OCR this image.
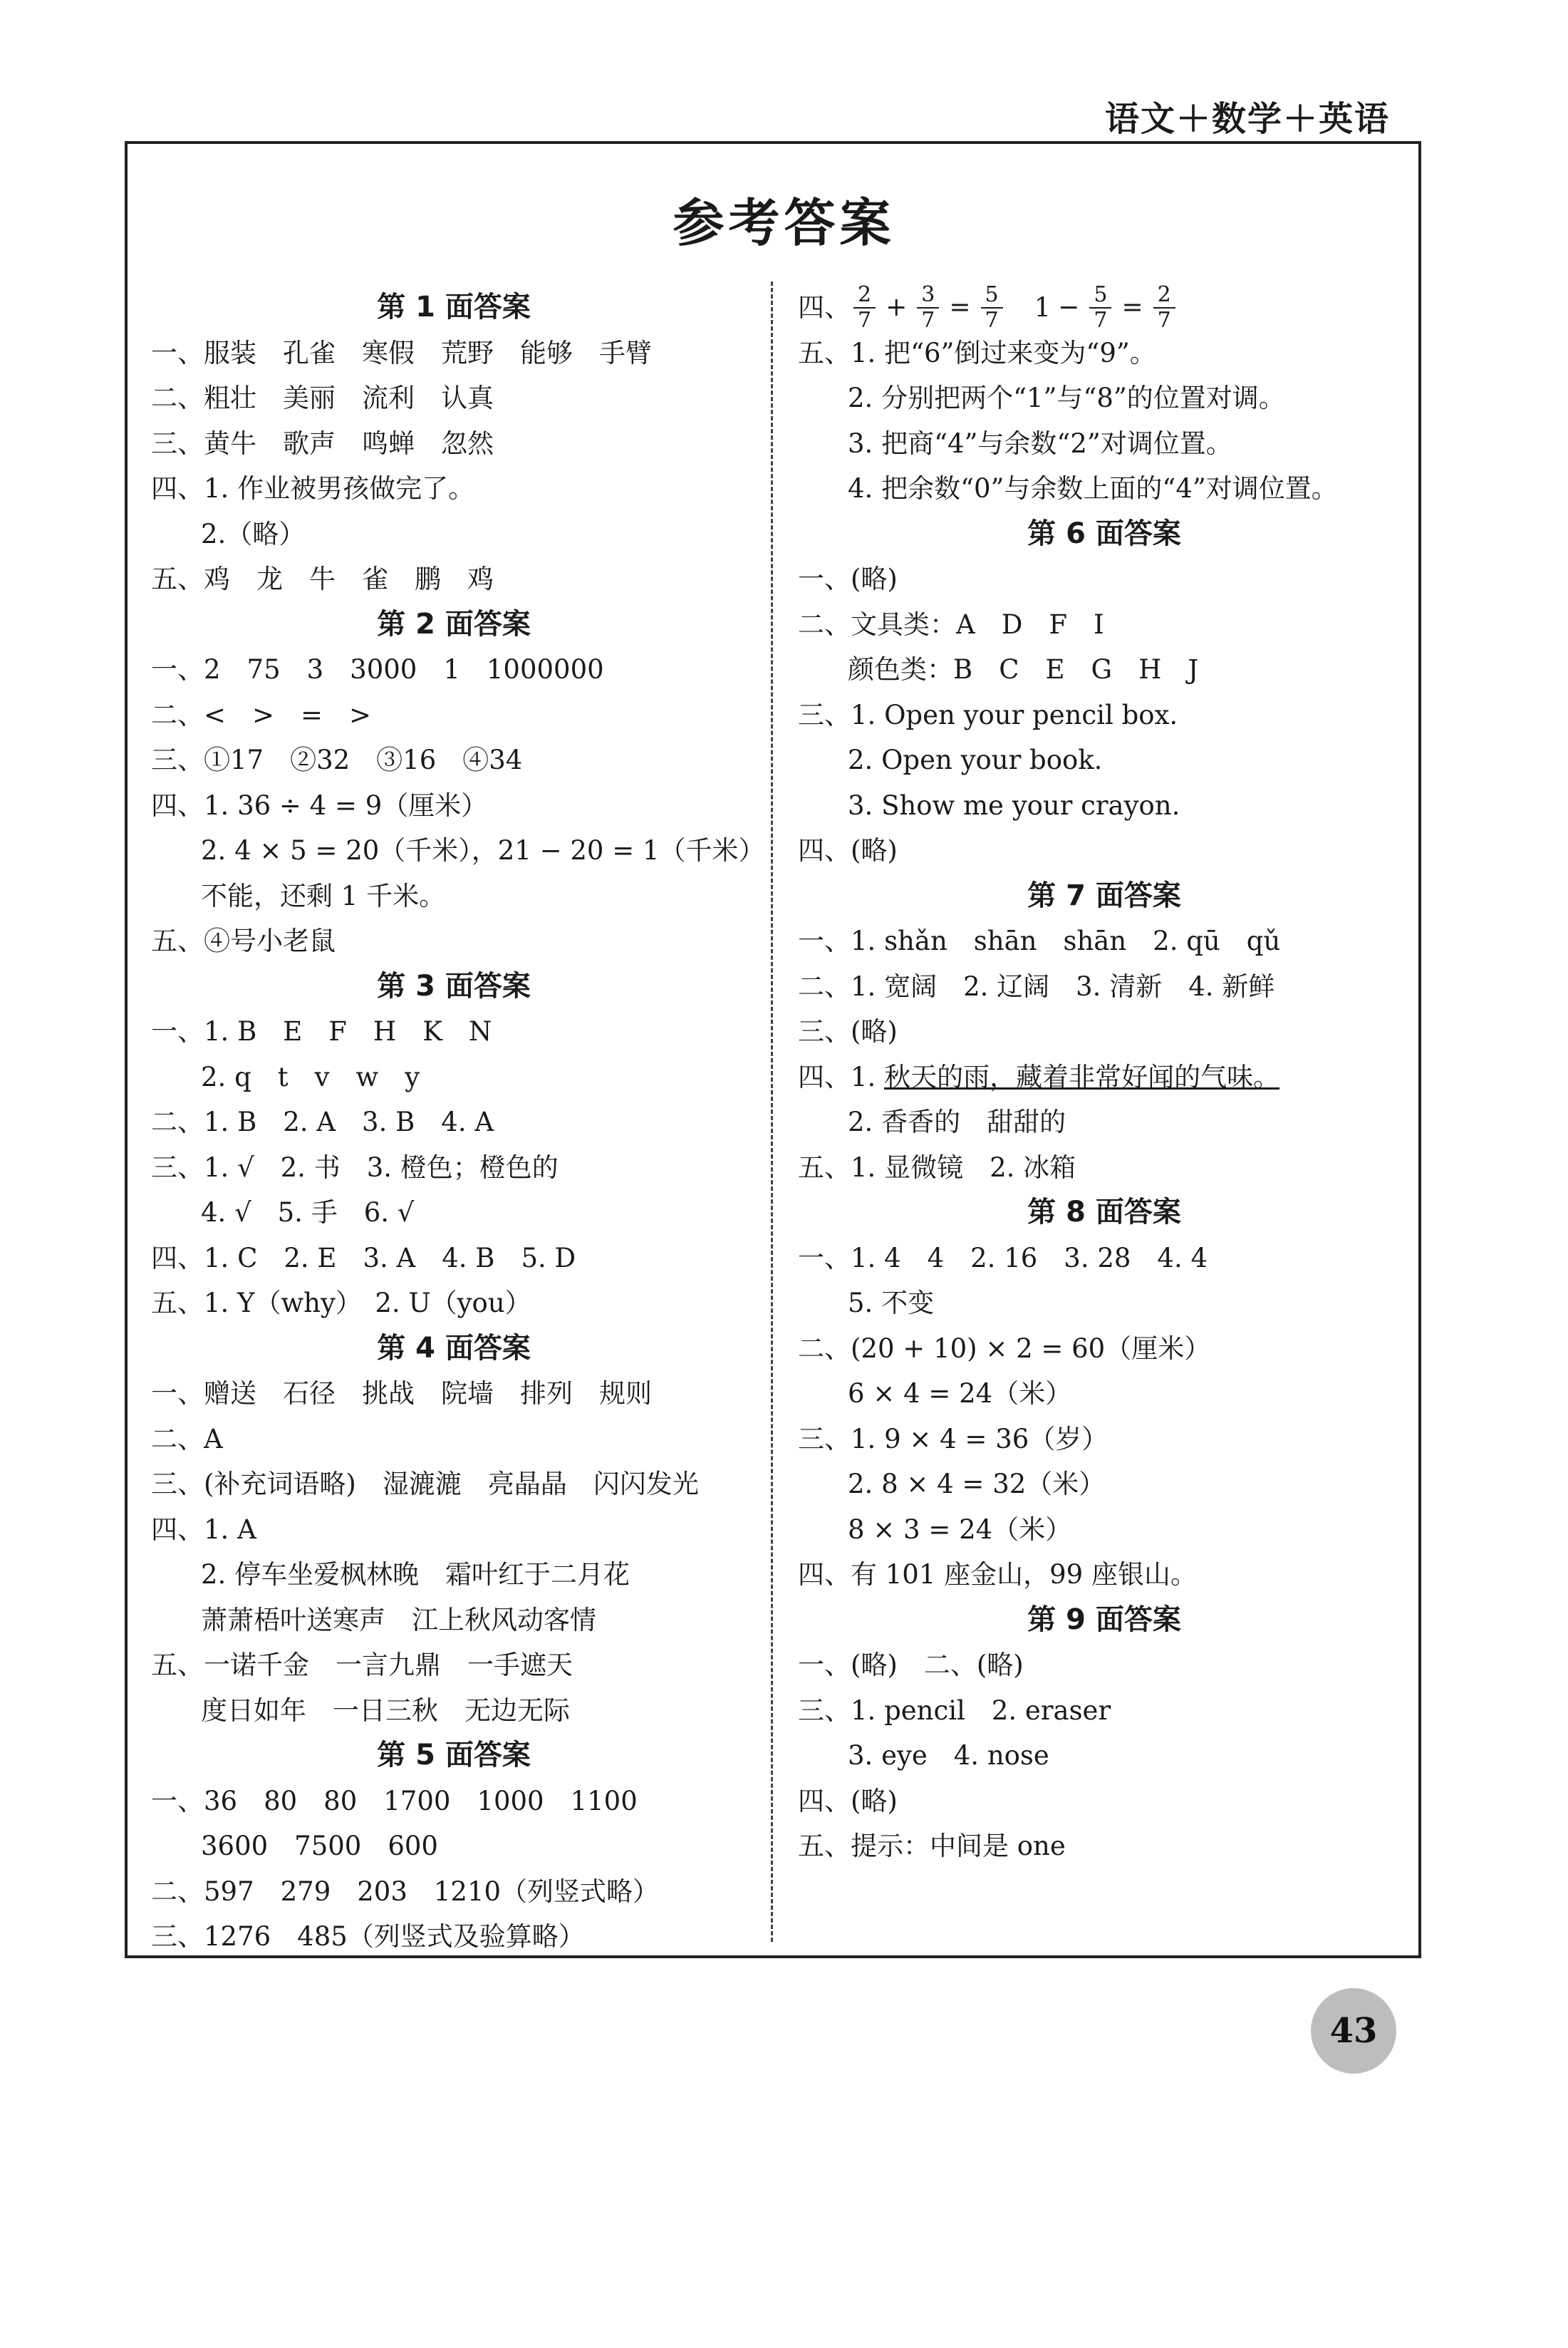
语文＋数学＋英语
参考答案
第 1 面答案
一、服装　孔雀　寒假　荒野　能够　手臂
二、粗壮　美丽　流利　认真
三、黄牛　歌声　鸣蝉　忽然
四、1. 作业被男孩做完了。
2.（略）
五、鸡　龙　牛　雀　鹏　鸡
第 2 面答案
一、2　75　3　3000　1　1000000
二、<　>　=　>
三、①17　②32　③16　④34
四、1. 36 ÷ 4 = 9（厘米）
2. 4 × 5 = 20（千米），21 − 20 = 1（千米）
不能，还剩 1 千米。
五、④号小老鼠
第 3 面答案
一、1. B　E　F　H　K　N
2. q　t　v　w　y
二、1. B　2. A　3. B　4. A
三、1. √　2. 书　3. 橙色；橙色的
4. √　5. 手　6. √
四、1. C　2. E　3. A　4. B　5. D
五、1. Y（why）　2. U（you）
第 4 面答案
一、赠送　石径　挑战　院墙　排列　规则
二、A
三、(补充词语略)　湿漉漉　亮晶晶　闪闪发光
四、1. A
2. 停车坐爱枫林晚　霜叶红于二月花
萧萧梧叶送寒声　江上秋风动客情
五、一诺千金　一言九鼎　一手遮天
度日如年　一日三秋　无边无际
第 5 面答案
一、36　80　80　1700　1000　1100
3600　7500　600
二、597　279　203　1210（列竖式略）
三、1276　485（列竖式及验算略）
四、 $\frac{2}{7} + \frac{3}{7} = \frac{5}{7} 1 - \frac{5}{7} = \frac{2}{7}$
五、1. 把“6”倒过来变为“9”。
2. 分别把两个“1”与“8”的位置对调。
3. 把商“4”与余数“2”对调位置。
4. 把余数“0”与余数上面的“4”对调位置。
第 6 面答案
一、(略)
二、文具类：A　D　F　I
颜色类：B　C　E　G　H　J
三、1. Open your pencil box.
2. Open your book.
3. Show me your crayon.
四、(略)
第 7 面答案
一、1. shǎn　shān　shān　2. qū　qǔ
二、1. 宽阔　2. 辽阔　3. 清新　4. 新鲜
三、(略)
四、1. 秋天的雨，藏着非常好闻的气味。
2. 香香的　甜甜的
五、1. 显微镜　2. 冰箱
第 8 面答案
一、1. 4　4　2. 16　3. 28　4. 4
5. 不变
二、(20 + 10) × 2 = 60（厘米）
6 × 4 = 24（米）
三、1. 9 × 4 = 36（岁）
2. 8 × 4 = 32（米）
8 × 3 = 24（米）
四、有 101 座金山，99 座银山。
第 9 面答案
一、(略)　二、(略)
三、1. pencil　2. eraser
3. eye　4. nose
四、(略)
五、提示：中间是 one
43
